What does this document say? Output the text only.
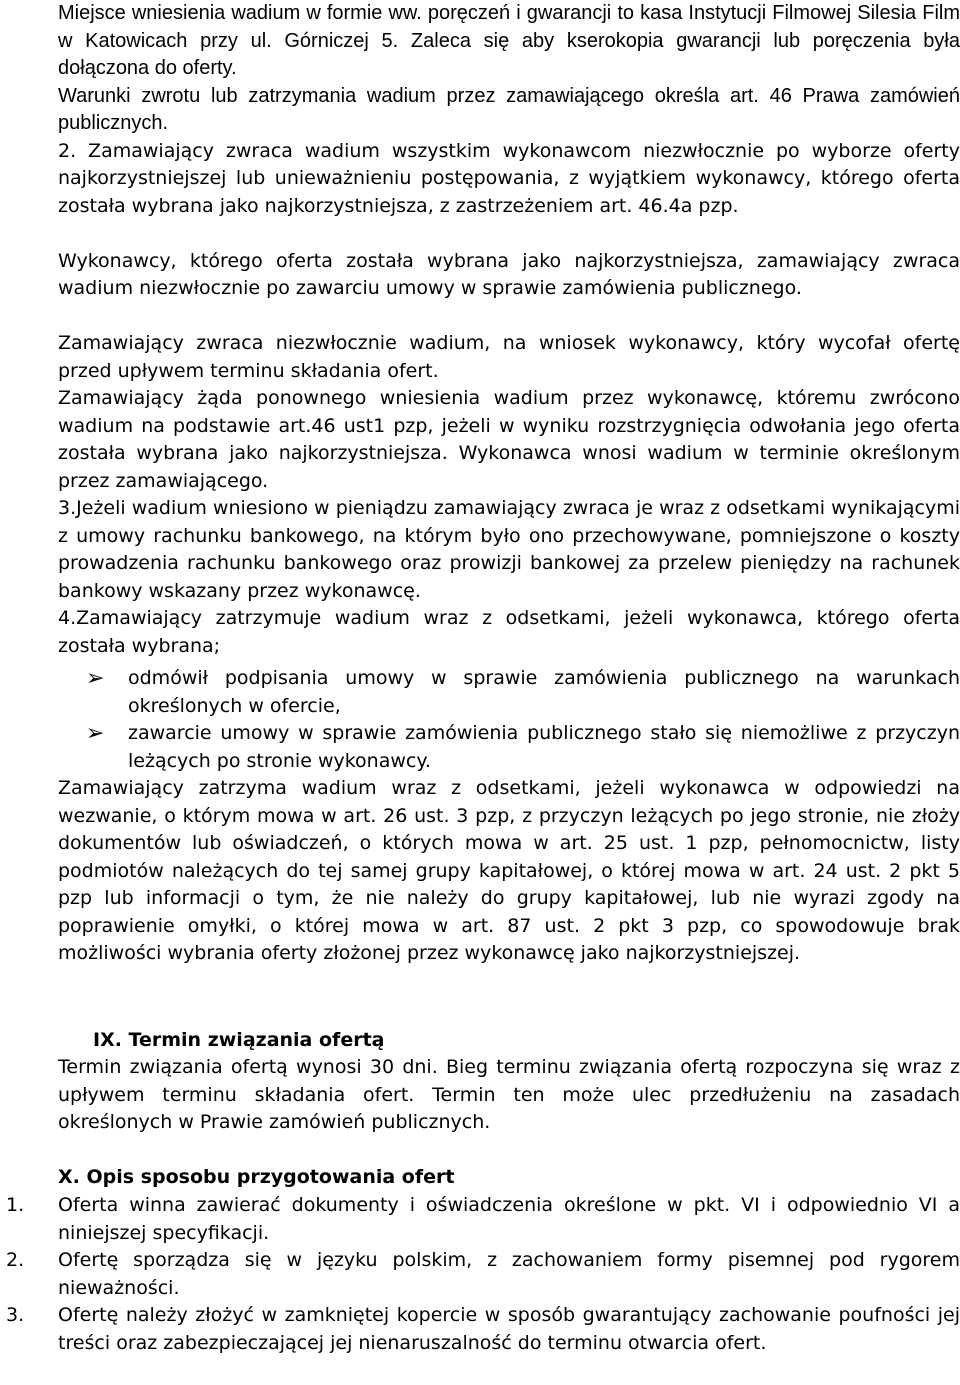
Miejsce wniesienia wadium w formie ww. poręczeń i gwarancji to kasa Instytucji Filmowej Silesia Film w Katowicach przy ul. Górniczej 5. Zaleca się aby kserokopia gwarancji lub poręczenia była dołączona do oferty.
Warunki zwrotu lub zatrzymania wadium przez zamawiającego określa art. 46 Prawa zamówień publicznych.
2. Zamawiający zwraca wadium wszystkim wykonawcom niezwłocznie po wyborze oferty najkorzystniejszej lub unieważnieniu postępowania, z wyjątkiem wykonawcy, którego oferta została wybrana jako najkorzystniejsza, z zastrzeżeniem art. 46.4a pzp.
Wykonawcy, którego oferta została wybrana jako najkorzystniejsza, zamawiający zwraca wadium niezwłocznie po zawarciu umowy w sprawie zamówienia publicznego.
Zamawiający zwraca niezwłocznie wadium, na wniosek wykonawcy, który wycofał ofertę przed upływem terminu składania ofert.
Zamawiający żąda ponownego wniesienia wadium przez wykonawcę, któremu zwrócono wadium na podstawie art.46 ust1 pzp, jeżeli w wyniku rozstrzygnięcia odwołania jego oferta została wybrana jako najkorzystniejsza. Wykonawca wnosi wadium w terminie określonym przez zamawiającego.
3.Jeżeli wadium wniesiono w pieniądzu zamawiający zwraca je wraz z odsetkami wynikającymi z umowy rachunku bankowego, na którym było ono przechowywane, pomniejszone o koszty prowadzenia rachunku bankowego oraz prowizji bankowej za przelew pieniędzy na rachunek bankowy wskazany przez wykonawcę.
4.Zamawiający zatrzymuje wadium wraz z odsetkami, jeżeli wykonawca, którego oferta została wybrana;
➢ odmówił podpisania umowy w sprawie zamówienia publicznego na warunkach określonych w ofercie,
➢ zawarcie umowy w sprawie zamówienia publicznego stało się niemożliwe z przyczyn leżących po stronie wykonawcy.
Zamawiający zatrzyma wadium wraz z odsetkami, jeżeli wykonawca w odpowiedzi na wezwanie, o którym mowa w art. 26 ust. 3 pzp, z przyczyn leżących po jego stronie, nie złoży dokumentów lub oświadczeń, o których mowa w art. 25 ust. 1 pzp, pełnomocnictw, listy podmiotów należących do tej samej grupy kapitałowej, o której mowa w art. 24 ust. 2 pkt 5 pzp lub informacji o tym, że nie należy do grupy kapitałowej, lub nie wyrazi zgody na poprawienie omyłki, o której mowa w art. 87 ust. 2 pkt 3 pzp, co spowodowuje brak możliwości wybrania oferty złożonej przez wykonawcę jako najkorzystniejszej.
IX. Termin związania ofertą
Termin związania ofertą wynosi 30 dni. Bieg terminu związania ofertą rozpoczyna się wraz z upływem terminu składania ofert. Termin ten może ulec przedłużeniu na zasadach określonych w Prawie zamówień publicznych.
X. Opis sposobu przygotowania ofert
1. Oferta winna zawierać dokumenty i oświadczenia określone w pkt. VI i odpowiednio VI a niniejszej specyfikacji.
2. Ofertę sporządza się w języku polskim, z zachowaniem formy pisemnej pod rygorem nieważności.
3. Ofertę należy złożyć w zamkniętej kopercie w sposób gwarantujący zachowanie poufności jej treści oraz zabezpieczającej jej nienaruszalność do terminu otwarcia ofert.
